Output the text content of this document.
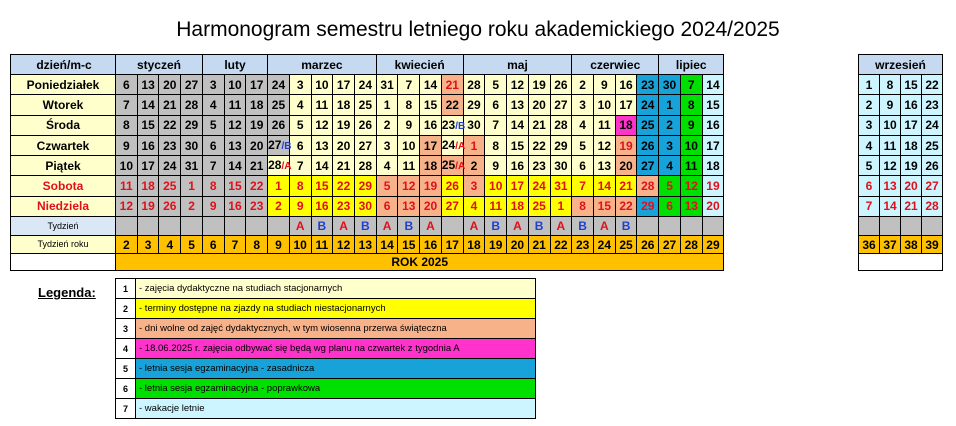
Harmonogram semestru letniego roku akademickiego 2024/2025
dzień/m-c	styczeń				luty			marzec					kwiecień				maj					czerwiec				lipiec		
Poniedziałek	6	13	20	27	3	10	17	24	3	10	17	24	31	7	14	21	28	5	12	19	26	2	9	16	23	30	7	14
Wtorek	7	14	21	28	4	11	18	25	4	11	18	25	1	8	15	22	29	6	13	20	27	3	10	17	24	1	8	15
Środa	8	15	22	29	5	12	19	26	5	12	19	26	2	9	16	23/B	30	7	14	21	28	4	11	18	25	2	9	16
Czwartek	9	16	23	30	6	13	20	27/B	6	13	20	27	3	10	17	24/A	1	8	15	22	29	5	12	19	26	3	10	17
Piątek	10	17	24	31	7	14	21	28/A	7	14	21	28	4	11	18	25/A	2	9	16	23	30	6	13	20	27	4	11	18
Sobota	11	18	25	1	8	15	22	1	8	15	22	29	5	12	19	26	3	10	17	24	31	7	14	21	28	5	12	19
Niedziela	12	19	26	2	9	16	23	2	9	16	23	30	6	13	20	27	4	11	18	25	1	8	15	22	29	6	13	20
Tydzień									A	B	A	B	A	B	A		A	B	A	B	A	B	A	B				
Tydzień roku	2	3	4	5	6	7	8	9	10	11	12	13	14	15	16	17	18	19	20	21	22	23	24	25	26	27	28	29
	ROK 2025																											
wrzesień			
1	8	15	22
2	9	16	23
3	10	17	24
4	11	18	25
5	12	19	26
6	13	20	27
7	14	21	28

36	37	38	39

Legenda:	1	- zajęcia dydaktyczne na studiach stacjonarnych
2	- terminy dostępne na zjazdy na studiach niestacjonarnych
3	- dni wolne od zajęć dydaktycznych, w tym wiosenna przerwa świąteczna
4	- 18.06.2025 r. zajęcia odbywać się będą wg planu na czwartek z tygodnia A
5	- letnia sesja egzaminacyjna - zasadnicza
6	- letnia sesja egzaminacyjna - poprawkowa
7	- wakacje letnie
